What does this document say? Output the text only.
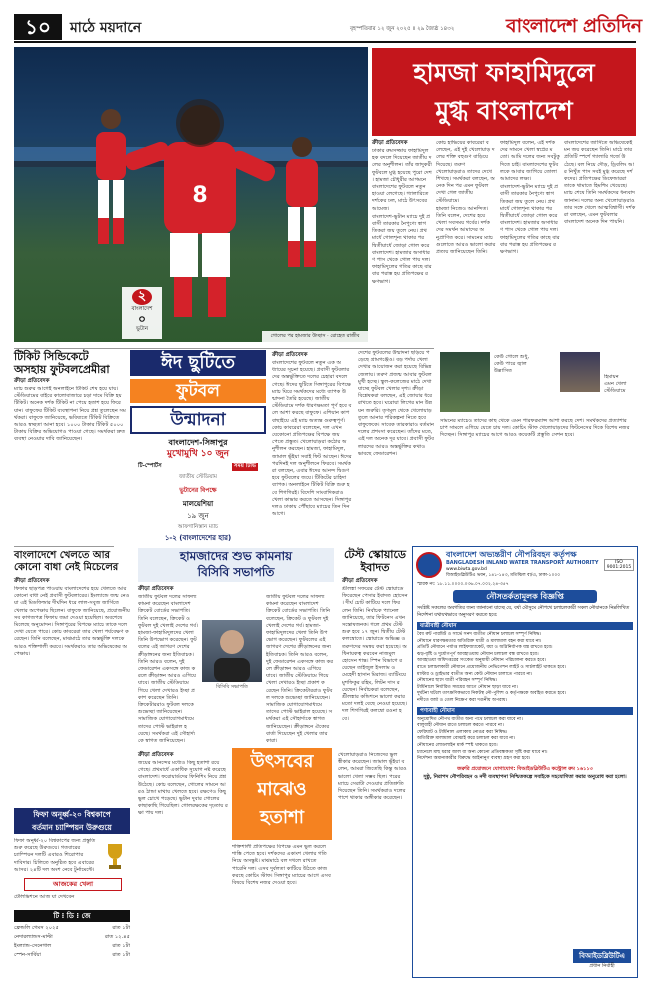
১০	মাঠে ময়দানে	বৃহস্পতিবার ১২ জুন ২০২৫ ॥ ২৯ জ্যৈষ্ঠ ১৪৩২	বাংলাদেশ প্রতিদিন
8
২
বাংলাদেশ
০
ভুটান
গোলের পর হামজার উচ্ছাস · রোহেত রাজীব
হামজা ফাহামিদুলে
মুগ্ধ বাংলাদেশ
ক্রীড়া প্রতিবেদক

ঢাকার রুমসজ্জায় ফাহামিদুল হক বদলে দিয়েছেন জাতীয় দলের অনুশীলন। তাঁর জাদুকরী ফুটবলে মুগ্ধ হয়েছে পুরো দেশ। হামজা চৌধুরীর আগমনে বাংলাদেশের ফুটবলে নতুন হাওয়া লেগেছে। গ্যালারিতে দর্শকের ঢল, মাঠে উৎসবের আমেজ।

বাংলাদেশ-ভুটান ম্যাচে দুই প্রবাসী তারকার নৈপুণ্যে স্বাগতিকরা জয় তুলে নেয়। প্রথমার্ধে গোলশূন্য থাকার পর দ্বিতীয়ার্ধে জোড়া গোল করে বাংলাদেশ। হামজার অসাধারণ পাস থেকে গোল পায় দল। ফাহামিদুলের গতির কাছে বারবার পরাস্ত হয় প্রতিপক্ষের রক্ষণভাগ।

কোচ হাভিয়ের কাবরেরা বলেছেন, এই দুই খেলোয়াড় দলের শক্তি বহুগুণ বাড়িয়ে দিয়েছে। তরুণ খেলোয়াড়রাও তাদের দেখে শিখছে। সমর্থকরা বলছেন, অনেক দিন পর এমন ফুটবল দেখা গেল জাতীয় স্টেডিয়ামে।

হামজা নিজেও আনন্দিত। তিনি বলেন, দেশের হয়ে খেলা সবসময় গর্বের। দর্শকদের সমর্থন আমাদের অনুপ্রাণিত করে। সামনের ম্যাচগুলোতে আরও ভালো করার প্রত্যয় জানিয়েছেন তিনি।

ফাহামিদুল বলেন, এই দর্শকদের সামনে খেলা স্বপ্নের মতো। আমি দলের জন্য সবটুকু দিতে চাই। বাংলাদেশের ফুটবলকে আবার জাগিয়ে তোলা আমাদের লক্ষ্য।

বাংলাদেশ-ভুটান ম্যাচে দুই প্রবাসী তারকার নৈপুণ্যে স্বাগতিকরা জয় তুলে নেয়। প্রথমার্ধে গোলশূন্য থাকার পর দ্বিতীয়ার্ধে জোড়া গোল করে বাংলাদেশ। হামজার অসাধারণ পাস থেকে গোল পায় দল। ফাহামিদুলের গতির কাছে বারবার পরাস্ত হয় প্রতিপক্ষের রক্ষণভাগ।

বাংলাদেশের জার্সিতে অভিষেকেই মন জয় করেছেন তিনি। মাঠে তার প্রতিটি স্পর্শে গ্যালারি গর্জে উঠেছে। বল নিয়ে দৌড়, ড্রিবলিং আর নিখুঁত পাস সবই মুগ্ধ করেছে দর্শকদের। প্রতিপক্ষের ডিফেন্ডাররা তাকে থামাতে হিমশিম খেয়েছে। ম্যাচ শেষে তিনি সমর্থকদের ধন্যবাদ জানান। দলের অন্য খেলোয়াড়রাও তার সঙ্গে খেলে আত্মবিশ্বাসী। দর্শকরা বলছেন, এমন ফুটবলার বাংলাদেশ অনেক দিন পায়নি।

টিকিট সিন্ডিকেটে
অসহায় ফুটবলপ্রেমীরা
ক্রীড়া প্রতিবেদক
ম্যাচ শুরুর আগেই অনলাইনে টিকিট শেষ হয়ে যায়। স্টেডিয়ামের বাইরে কালোবাজারে চড়া দামে বিক্রি হয় টিকিট। অনেক দর্শক টিকিট না পেয়ে হতাশ হয়ে ফিরে যান। বাফুফের টিকিট ব্যবস্থাপনা নিয়ে প্রশ্ন তুলেছেন সমর্থকরা। বাফুফে জানিয়েছে, ভবিষ্যতে টিকিট বিক্রিতে আরও স্বচ্ছতা আনা হবে। ১০০০ টাকার টিকিট ৫০০০ টাকায় বিক্রির অভিযোগও পাওয়া গেছে। সমর্থকরা দ্রুত ব্যবস্থা নেওয়ার দাবি জানিয়েছেন।
ঈদ ছুটিতে
ফুটবল
উন্মাদনা
বাংলাদেশ-সিঙ্গাপুর
মুখোমুখি ১০ জুন
টি-স্পোর্টস	সময় টিভি
জাতীয় স্টেডিয়াম
ভুটানের বিপক্ষে
মালয়েশিয়া
১৯ জুন
আফগানিস্তান ম্যাচ
১-২ (বাংলাদেশের হার)
ক্রীড়া প্রতিবেদক
বাংলাদেশের ফুটবলে নতুন এক অধ্যায়ের সূচনা হয়েছে। প্রবাসী ফুটবলারদের অন্তর্ভুক্তিতে দলের চেহারা বদলে গেছে। ঈদের ছুটিতে সিঙ্গাপুরের বিপক্ষে ম্যাচ ঘিরে সমর্থকদের মধ্যে ব্যাপক উন্মাদনা তৈরি হয়েছে। জাতীয় স্টেডিয়ামে দর্শক ধারণক্ষমতা পূর্ণ হবে বলে আশা করছে বাফুফে। এশিয়ান কাপ বাছাইয়ে এই ম্যাচ অত্যন্ত গুরুত্বপূর্ণ। কোচ কাবরেরা বলেছেন, দল এখন যেকোনো প্রতিপক্ষের বিপক্ষে জয় পেতে প্রস্তুত। খেলোয়াড়রা কঠোর অনুশীলন করছেন। হামজা, ফাহামিদুল, জামাল ভূঁইয়া সবাই ফিট আছেন। ঈদের পরদিনই দল অনুশীলনে ফিরবে। সমর্থকরা বলছেন, এবার ঈদের আনন্দ দ্বিগুণ হবে ফুটবলের জয়ে। টিকিটের চাহিদা ব্যাপক। অনলাইনে টিকিট বিক্রি শুরু হবে শিগগিরই। বিদেশি সাংবাদিকরাও খেলা কাভার করতে আসছেন। সিঙ্গাপুর দলও ঢাকায় পৌঁছাবে ম্যাচের তিন দিন আগে।
দেশের ফুটবলের উন্মাদনা ছড়িয়ে পড়েছে গ্রামগঞ্জেও। বড় পর্দায় খেলা দেখার আয়োজন করা হয়েছে বিভিন্ন জেলায়। তরুণ প্রজন্ম আবার ফুটবলমুখী হচ্ছে। স্কুল-কলেজের মাঠে দেখা যাচ্ছে ফুটবল খেলার দৃশ্য। ক্রীড়া বিশ্লেষকরা বলছেন, এই জোয়ার ধরে রাখতে হবে। ঘরোয়া লিগের মান উন্নয়ন জরুরি। তৃণমূল থেকে খেলোয়াড় তুলে আনার পরিকল্পনা নিতে হবে বাফুফেকে। সাবেক তারকারাও বর্তমান দলের প্রশংসা করেছেন। তাঁদের মতে, এই দল অনেক দূর যাবে। প্রবাসী ফুটবলারদের আরও অন্তর্ভুক্তির কথাও ভাবছে ফেডারেশন।
কেউ গোলে শুধু,
কেউ পারে জ্বাল
উল্লাসিত
হিমায়ন
এমন খেলা
স্টেডিয়ামে
সামনের ম্যাচেও তাদের কাছ থেকে এমন পারফরম্যান্স আশা করছে দেশ। সমর্থকদের প্রত্যাশার চাপ সামলে এগিয়ে যেতে চায় দল। কোচিং স্টাফ খেলোয়াড়দের ফিটনেসের দিকে বিশেষ নজর দিচ্ছেন। সিঙ্গাপুর ম্যাচের আগে আরও কয়েকটি প্রস্তুতি সেশন হবে।
বাংলাদেশে খেলতে আর
কোনো বাধা নেই মিচেলের
ক্রীড়া প্রতিবেদক
ফিফার ছাড়পত্র পাওয়ায় বাংলাদেশের হয়ে খেলতে আর কোনো বাধা নেই প্রবাসী ফুটবলারের। ইংল্যান্ডে জন্ম নেওয়া এই মিডফিল্ডার দীর্ঘদিন ধরে লাল-সবুজ জার্সিতে খেলার অপেক্ষায় ছিলেন। বাফুফে জানিয়েছে, প্রয়োজনীয় সব কাগজপত্র ফিফায় জমা দেওয়া হয়েছিল। অবশেষে মিলেছে অনুমোদন। সিঙ্গাপুরের বিপক্ষে ম্যাচে তাকে দলে দেখা যেতে পারে। কোচ কাবরেরা তার খেলা পর্যবেক্ষণ করেছেন। তিনি বলেছেন, মাঝমাঠে তার অন্তর্ভুক্তি দলকে আরও শক্তিশালী করবে। সমর্থকরাও তার অভিষেকের অপেক্ষায়।
হামজাদের শুভ কামনায়
বিসিবি সভাপতি
ক্রীড়া প্রতিবেদক
জাতীয় ফুটবল দলের সাফল্য কামনা করেছেন বাংলাদেশ ক্রিকেট বোর্ডের সভাপতি। তিনি বলেছেন, ক্রিকেট ও ফুটবল দুই খেলাই দেশের গর্ব। হামজা-ফাহামিদুলদের খেলা তিনি উপভোগ করেছেন। ফুটবলের এই জাগরণ দেশের ক্রীড়াঙ্গনের জন্য ইতিবাচক। তিনি আরও বলেন, দুই ফেডারেশন একসঙ্গে কাজ করলে ক্রীড়াঙ্গন আরও এগিয়ে যাবে। জাতীয় স্টেডিয়ামে গিয়ে খেলা দেখারও ইচ্ছা প্রকাশ করেছেন তিনি। ক্রিকেটাররাও ফুটবল দলকে শুভেচ্ছা জানিয়েছেন। সামাজিক যোগাযোগমাধ্যমে তাদের পোস্ট ভাইরাল হয়েছে। সমর্থকরা এই সৌহার্দ্যকে স্বাগত জানিয়েছেন।
বিসিবি সভাপতি
জাতীয় ফুটবল দলের সাফল্য কামনা করেছেন বাংলাদেশ ক্রিকেট বোর্ডের সভাপতি। তিনি বলেছেন, ক্রিকেট ও ফুটবল দুই খেলাই দেশের গর্ব। হামজা-ফাহামিদুলদের খেলা তিনি উপভোগ করেছেন। ফুটবলের এই জাগরণ দেশের ক্রীড়াঙ্গনের জন্য ইতিবাচক। তিনি আরও বলেন, দুই ফেডারেশন একসঙ্গে কাজ করলে ক্রীড়াঙ্গন আরও এগিয়ে যাবে। জাতীয় স্টেডিয়ামে গিয়ে খেলা দেখারও ইচ্ছা প্রকাশ করেছেন তিনি। ক্রিকেটাররাও ফুটবল দলকে শুভেচ্ছা জানিয়েছেন। সামাজিক যোগাযোগমাধ্যমে তাদের পোস্ট ভাইরাল হয়েছে। সমর্থকরা এই সৌহার্দ্যকে স্বাগত জানিয়েছেন। ক্রীড়াঙ্গনে ঐক্যের বার্তা দিয়েছেন দুই খেলার তারকারা।
টেস্ট স্কোয়াডে
ইবাদত
ক্রীড়া প্রতিবেদক
শ্রীলঙ্কা সফরের টেস্ট স্কোয়াডে ফিরেছেন পেসার ইবাদত হোসেন। দীর্ঘ চোট কাটিয়ে দলে ফিরলেন তিনি। নির্বাচক প্যানেল জানিয়েছে, তার ফিটনেস এখন সন্তোষজনক। গলে প্রথম টেস্ট শুরু হবে ১৭ জুন। দ্বিতীয় টেস্ট কলম্বোতে। স্কোয়াডে অভিজ্ঞ ও তরুণদের সমন্বয় করা হয়েছে। অধিনায়কত্ব করবেন নাজমুল হোসেন শান্ত। স্পিন বিভাগে রয়েছেন তাইজুল ইসলাম ও মেহেদী হাসান মিরাজ। ব্যাটিংয়ে মুশফিকুর রহিম, লিটন দাস রয়েছেন। নির্বাচকরা বলেছেন, শ্রীলঙ্কার কন্ডিশনে ভালো করার মতো দলই বেছে নেওয়া হয়েছে। দল শিগগিরই কলম্বো রওনা হবে।
উৎসবের
মাঝেও
হতাশা
ক্রীড়া প্রতিবেদক
জয়ের আনন্দের মধ্যেও কিছু হতাশা রয়ে গেছে। প্রথমার্ধে একাধিক সুযোগ নষ্ট করেছে বাংলাদেশ। ফরোয়ার্ডদের ফিনিশিং নিয়ে প্রশ্ন উঠেছে। কোচ বলেছেন, গোলের সামনে আরও ঠান্ডা মাথায় খেলতে হবে। রক্ষণেও কিছু ভুল চোখে পড়েছে। ভুটান দুবার গোলের কাছাকাছি গিয়েছিল। গোলরক্ষকের দৃঢ়তায় রক্ষা পায় দল।
শক্তিশালী প্রতিপক্ষের বিপক্ষে এমন ভুল করলে শাস্তি পেতে হবে। দর্শকদের একাংশ খেলার গতি নিয়ে অসন্তুষ্ট। মাঝমাঠে বল দখলে রাখতে পারেনি দল। এসব দুর্বলতা কাটিয়ে উঠতে কাজ করছে কোচিং স্টাফ। সিঙ্গাপুর ম্যাচের আগে এসব বিষয়ে বিশেষ নজর দেওয়া হবে।
খেলোয়াড়রাও নিজেদের ভুল স্বীকার করেছেন। জামাল ভূঁইয়া বলেন, আমরা জিতেছি কিন্তু আরও ভালো খেলা সম্ভব ছিল। পরের ম্যাচে সেরাটা দেওয়ার প্রতিশ্রুতি দিয়েছেন তিনি। সমর্থকরাও দলের পাশে থাকার অঙ্গীকার করেছেন।
ফিফা অনূর্ধ্ব-২০ বিশ্বকাপে
বর্তমান চ্যাম্পিয়ন উরুগুয়ে
ফিফা অনূর্ধ্ব-২০ বিশ্বকাপের জন্য প্রস্তুতি শুরু করেছে উরুগুয়ে। গতবারের চ্যাম্পিয়ন দলটি এবারও শিরোপার দাবিদার। চিলিতে অনুষ্ঠিত হবে এবারের আসর। ২৪টি দল অংশ নেবে টুর্নামেন্টে।
আজকের খেলা
টেলিভিশনে আজ যা দেখবেন
টি ⁞ ডি ⁞ জে
ফ্রেন্ডলি গেমস ২০২৫	রাত ১টা
নেদারল্যান্ডস-মাল্টা	রাত ১২.৪৫
ইংল্যান্ড-সেনেগাল	রাত ১টা
স্পেন-সার্বিয়া	রাত ১টা
বাংলাদেশ অভ্যন্তরীণ নৌপরিবহন কর্তৃপক্ষ
BANGLADESH INLAND WATER TRANSPORT AUTHORITY
www.biwta.gov.bd
বিআইডব্লিউটিএ ভবন, ১৪১-১৪৩, মতিঝিল বা/এ, ঢাকা-১০০০
ISO 9001:2015
স্মারক নং: ১৮.১১.০০০০.০৩৬.০৭.০০২.২৪-৩৫৭
নৌসতর্কতামূলক বিজ্ঞপ্তি
সংশ্লিষ্ট সকলের অবগতির জন্য জানানো যাচ্ছে যে, বর্ষা মৌসুমে নৌপথে চলাচলকারী সকল নৌযানকে নিম্নলিখিত নির্দেশনা যথাযথভাবে অনুসরণ করতে হবে:
যাত্রীবাহী নৌযান
বৈধ রুট পারমিট ও সার্ভে সনদ ব্যতীত নৌযান চলাচল সম্পূর্ণ নিষিদ্ধ।
নৌযানে ধারণক্ষমতার অতিরিক্ত যাত্রী ও মালামাল বহন করা যাবে না।
প্রতিটি নৌযানে পর্যাপ্ত লাইফজ্যাকেট, বয়া ও অগ্নিনির্বাপক যন্ত্র রাখতে হবে।
ঝড়-বৃষ্টি ও দুর্যোগপূর্ণ আবহাওয়ায় নৌযান চলাচল বন্ধ রাখতে হবে।
আবহাওয়া অধিদপ্তরের সংকেত অনুযায়ী নৌযান পরিচালনা করতে হবে।
রাতে চলাচলকারী নৌযানে প্রয়োজনীয় নেভিগেশন লাইট ও সার্চলাইট থাকতে হবে।
মাস্টার ও ড্রাইভার ব্যতীত অন্য কেউ নৌযান চালাতে পারবে না।
নৌযানের ছাদে যাত্রী পরিবহন সম্পূর্ণ নিষিদ্ধ।
টার্মিনালে নির্ধারিত সময়ের আগে নৌযান ছাড়া যাবে না।
দুর্ঘটনা ঘটলে তাৎক্ষণিকভাবে নিকটস্থ নৌ-পুলিশ ও কর্তৃপক্ষকে অবহিত করতে হবে।
নদীতে বর্জ্য ও তেল নিক্ষেপ করা দণ্ডনীয় অপরাধ।
পণ্যবাহী নৌযান
অনুমোদিত নৌপথ ব্যতীত অন্য পথে চলাচল করা যাবে না।
বালুবাহী নৌযান রাতে চলাচল করতে পারবে না।
ফেরিঘাট ও টার্মিনাল এলাকায় নোঙর করা নিষিদ্ধ।
অতিরিক্ত মালামাল বোঝাই করে চলাচল করা যাবে না।
নৌযানের লোডলাইন মার্ক স্পষ্ট থাকতে হবে।
চ্যানেলে মাছ ধরার জাল বা অন্য কোনো প্রতিবন্ধকতা সৃষ্টি করা যাবে না।
নির্দেশনা অমান্যকারীর বিরুদ্ধে আইনানুগ ব্যবস্থা গ্রহণ করা হবে।
জরুরি প্রয়োজনে যোগাযোগ: বিআইডব্লিউটিএ কন্ট্রোল রুম ১৬১১৩
সুষ্ঠু, নিরাপদ নৌপরিবহন ও নদী ব্যবস্থাপনা নিশ্চিতকল্পে সবাইকে সহযোগিতা করার অনুরোধ করা হলো।
বিআইডব্লিউটিএ
প্রধান নির্বাহী
